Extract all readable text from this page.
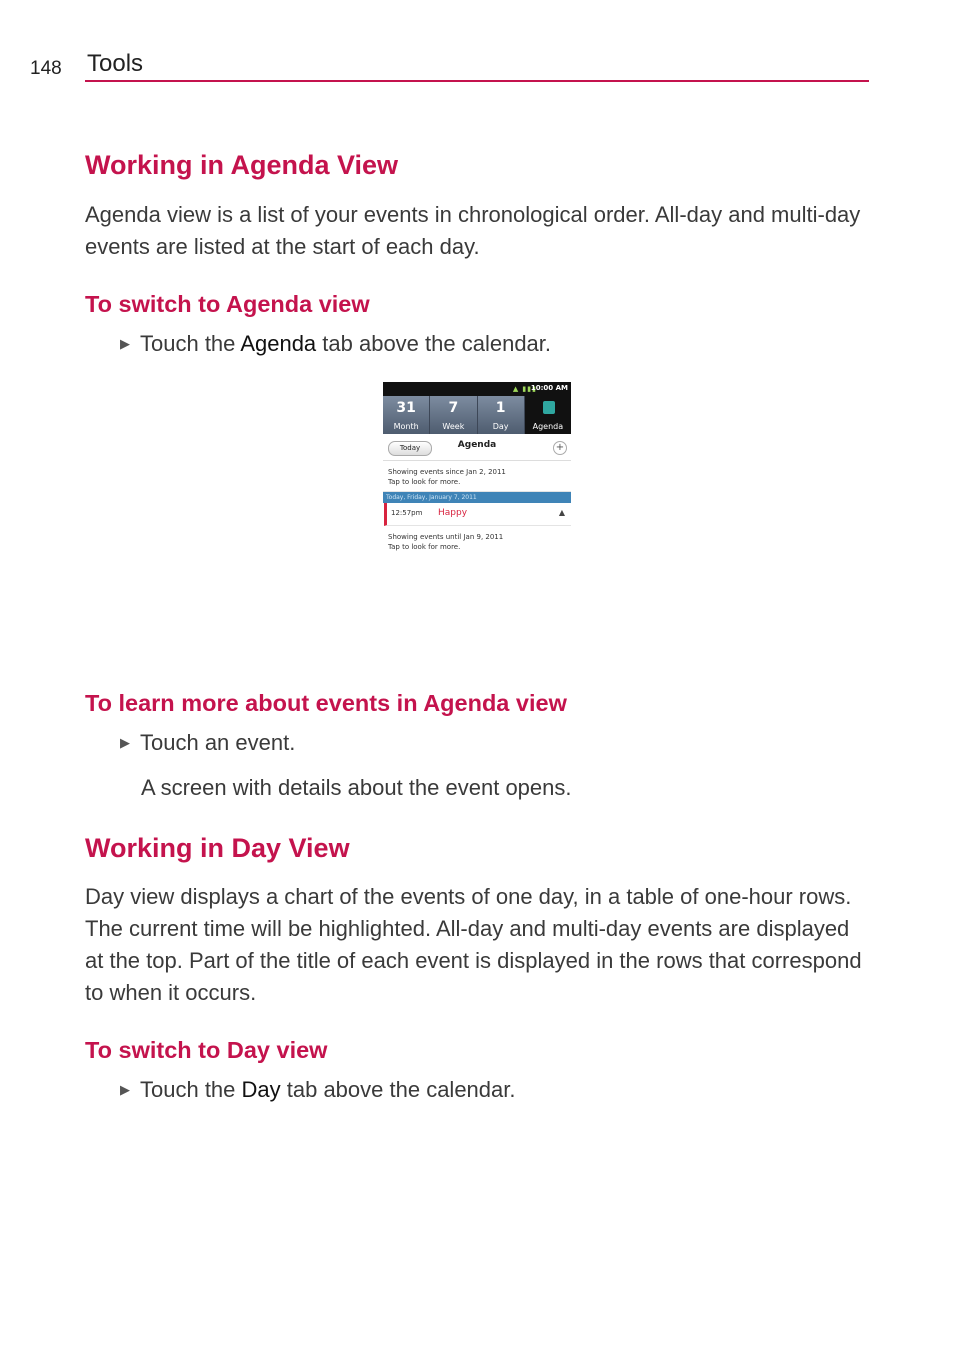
148 Tools
Working in Agenda View

Agenda view is a list of your events in chronological order. All-day and multi-day events are listed at the start of each day.

To switch to Agenda view
▶ Touch the Agenda tab above the calendar.
▲ ▮▮▮
10:00 AM
31
Month
7
Week
1
Day	Agenda
Today	Agenda	+
Showing events since Jan 2, 2011
Tap to look for more.
Today, Friday, January 7, 2011
12:57pm Happy	▲
Showing events until Jan 9, 2011
Tap to look for more.
To learn more about events in Agenda view
▶ Touch an event.
A screen with details about the event opens.
Working in Day View

Day view displays a chart of the events of one day, in a table of one-hour rows. The current time will be highlighted. All-day and multi-day events are displayed at the top. Part of the title of each event is displayed in the rows that correspond to when it occurs.

To switch to Day view
▶ Touch the Day tab above the calendar.
